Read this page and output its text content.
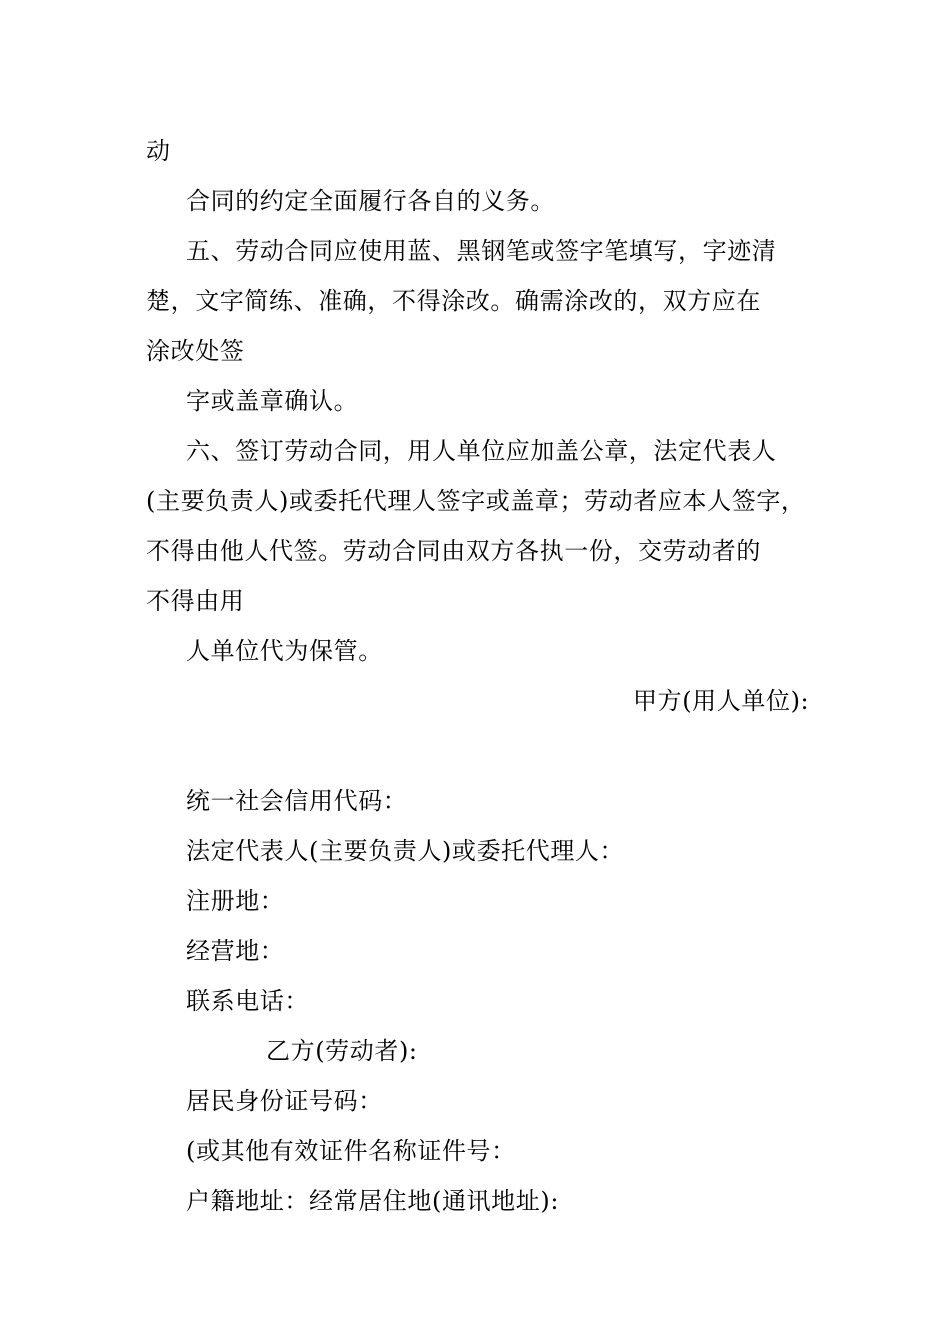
动
合同的约定全面履行各自的义务。
五、劳动合同应使用蓝、黑钢笔或签字笔填写，字迹清
楚，文字简练、准确，不得涂改。确需涂改的，双方应在
涂改处签
字或盖章确认。
六、签订劳动合同，用人单位应加盖公章，法定代表人
(主要负责人)或委托代理人签字或盖章；劳动者应本人签字，
不得由他人代签。劳动合同由双方各执一份，交劳动者的
不得由用
人单位代为保管。
甲方(用人单位):
统一社会信用代码：
法定代表人(主要负责人)或委托代理人：
注册地：
经营地：
联系电话：
乙方(劳动者):
居民身份证号码：
(或其他有效证件名称证件号：
户籍地址：经常居住地(通讯地址):
